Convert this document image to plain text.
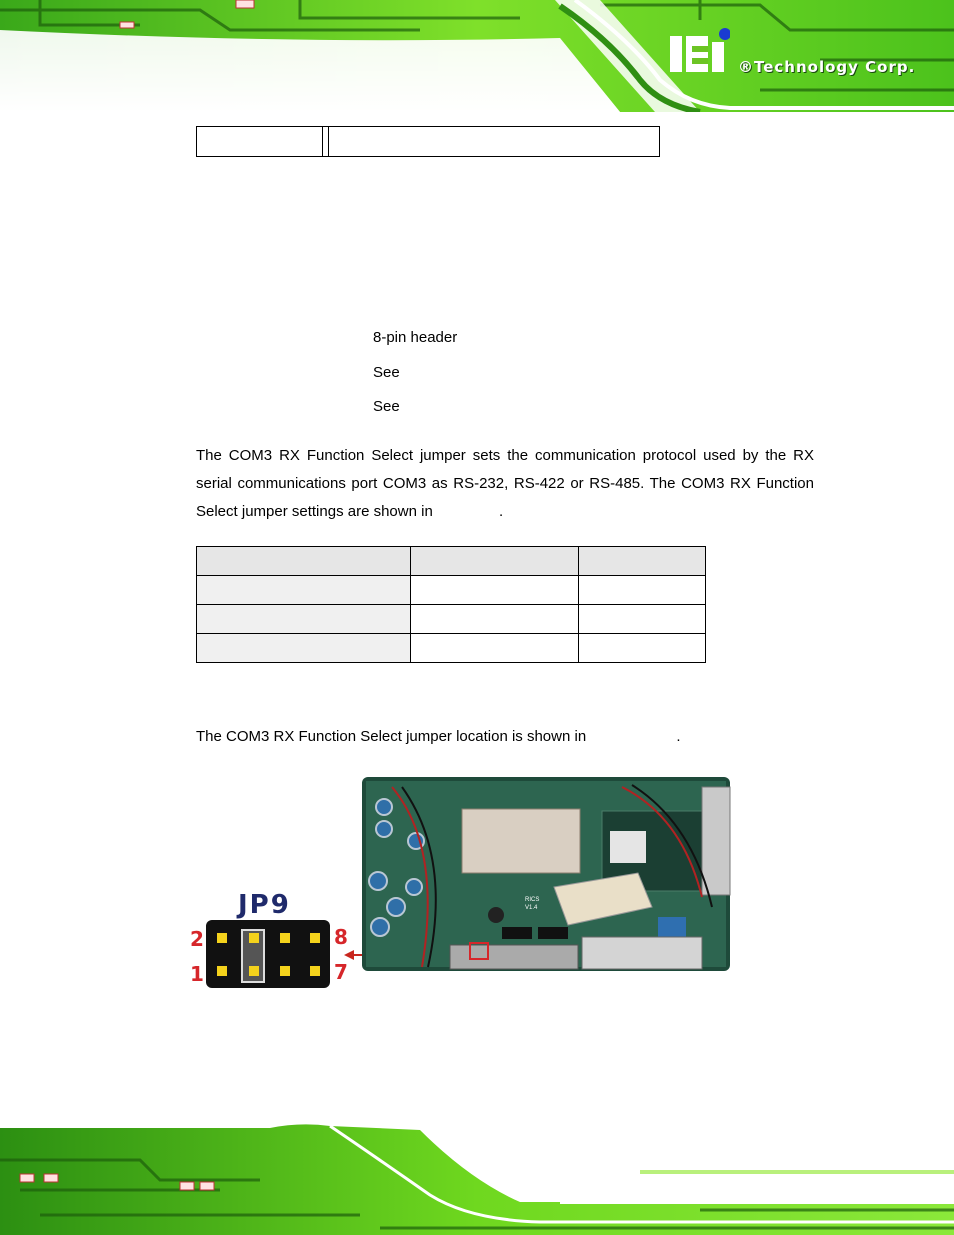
®Technology Corp.

8-pin header
See
See
The COM3 RX Function Select jumper sets the communication protocol used by the RX serial communications port COM3 as RS-232, RS-422 or RS-485. The COM3 RX Function Select jumper settings are shown in	.

The COM3 RX Function Select jumper location is shown in	.
JP9
2
1
8
7
RICS
V1.4
